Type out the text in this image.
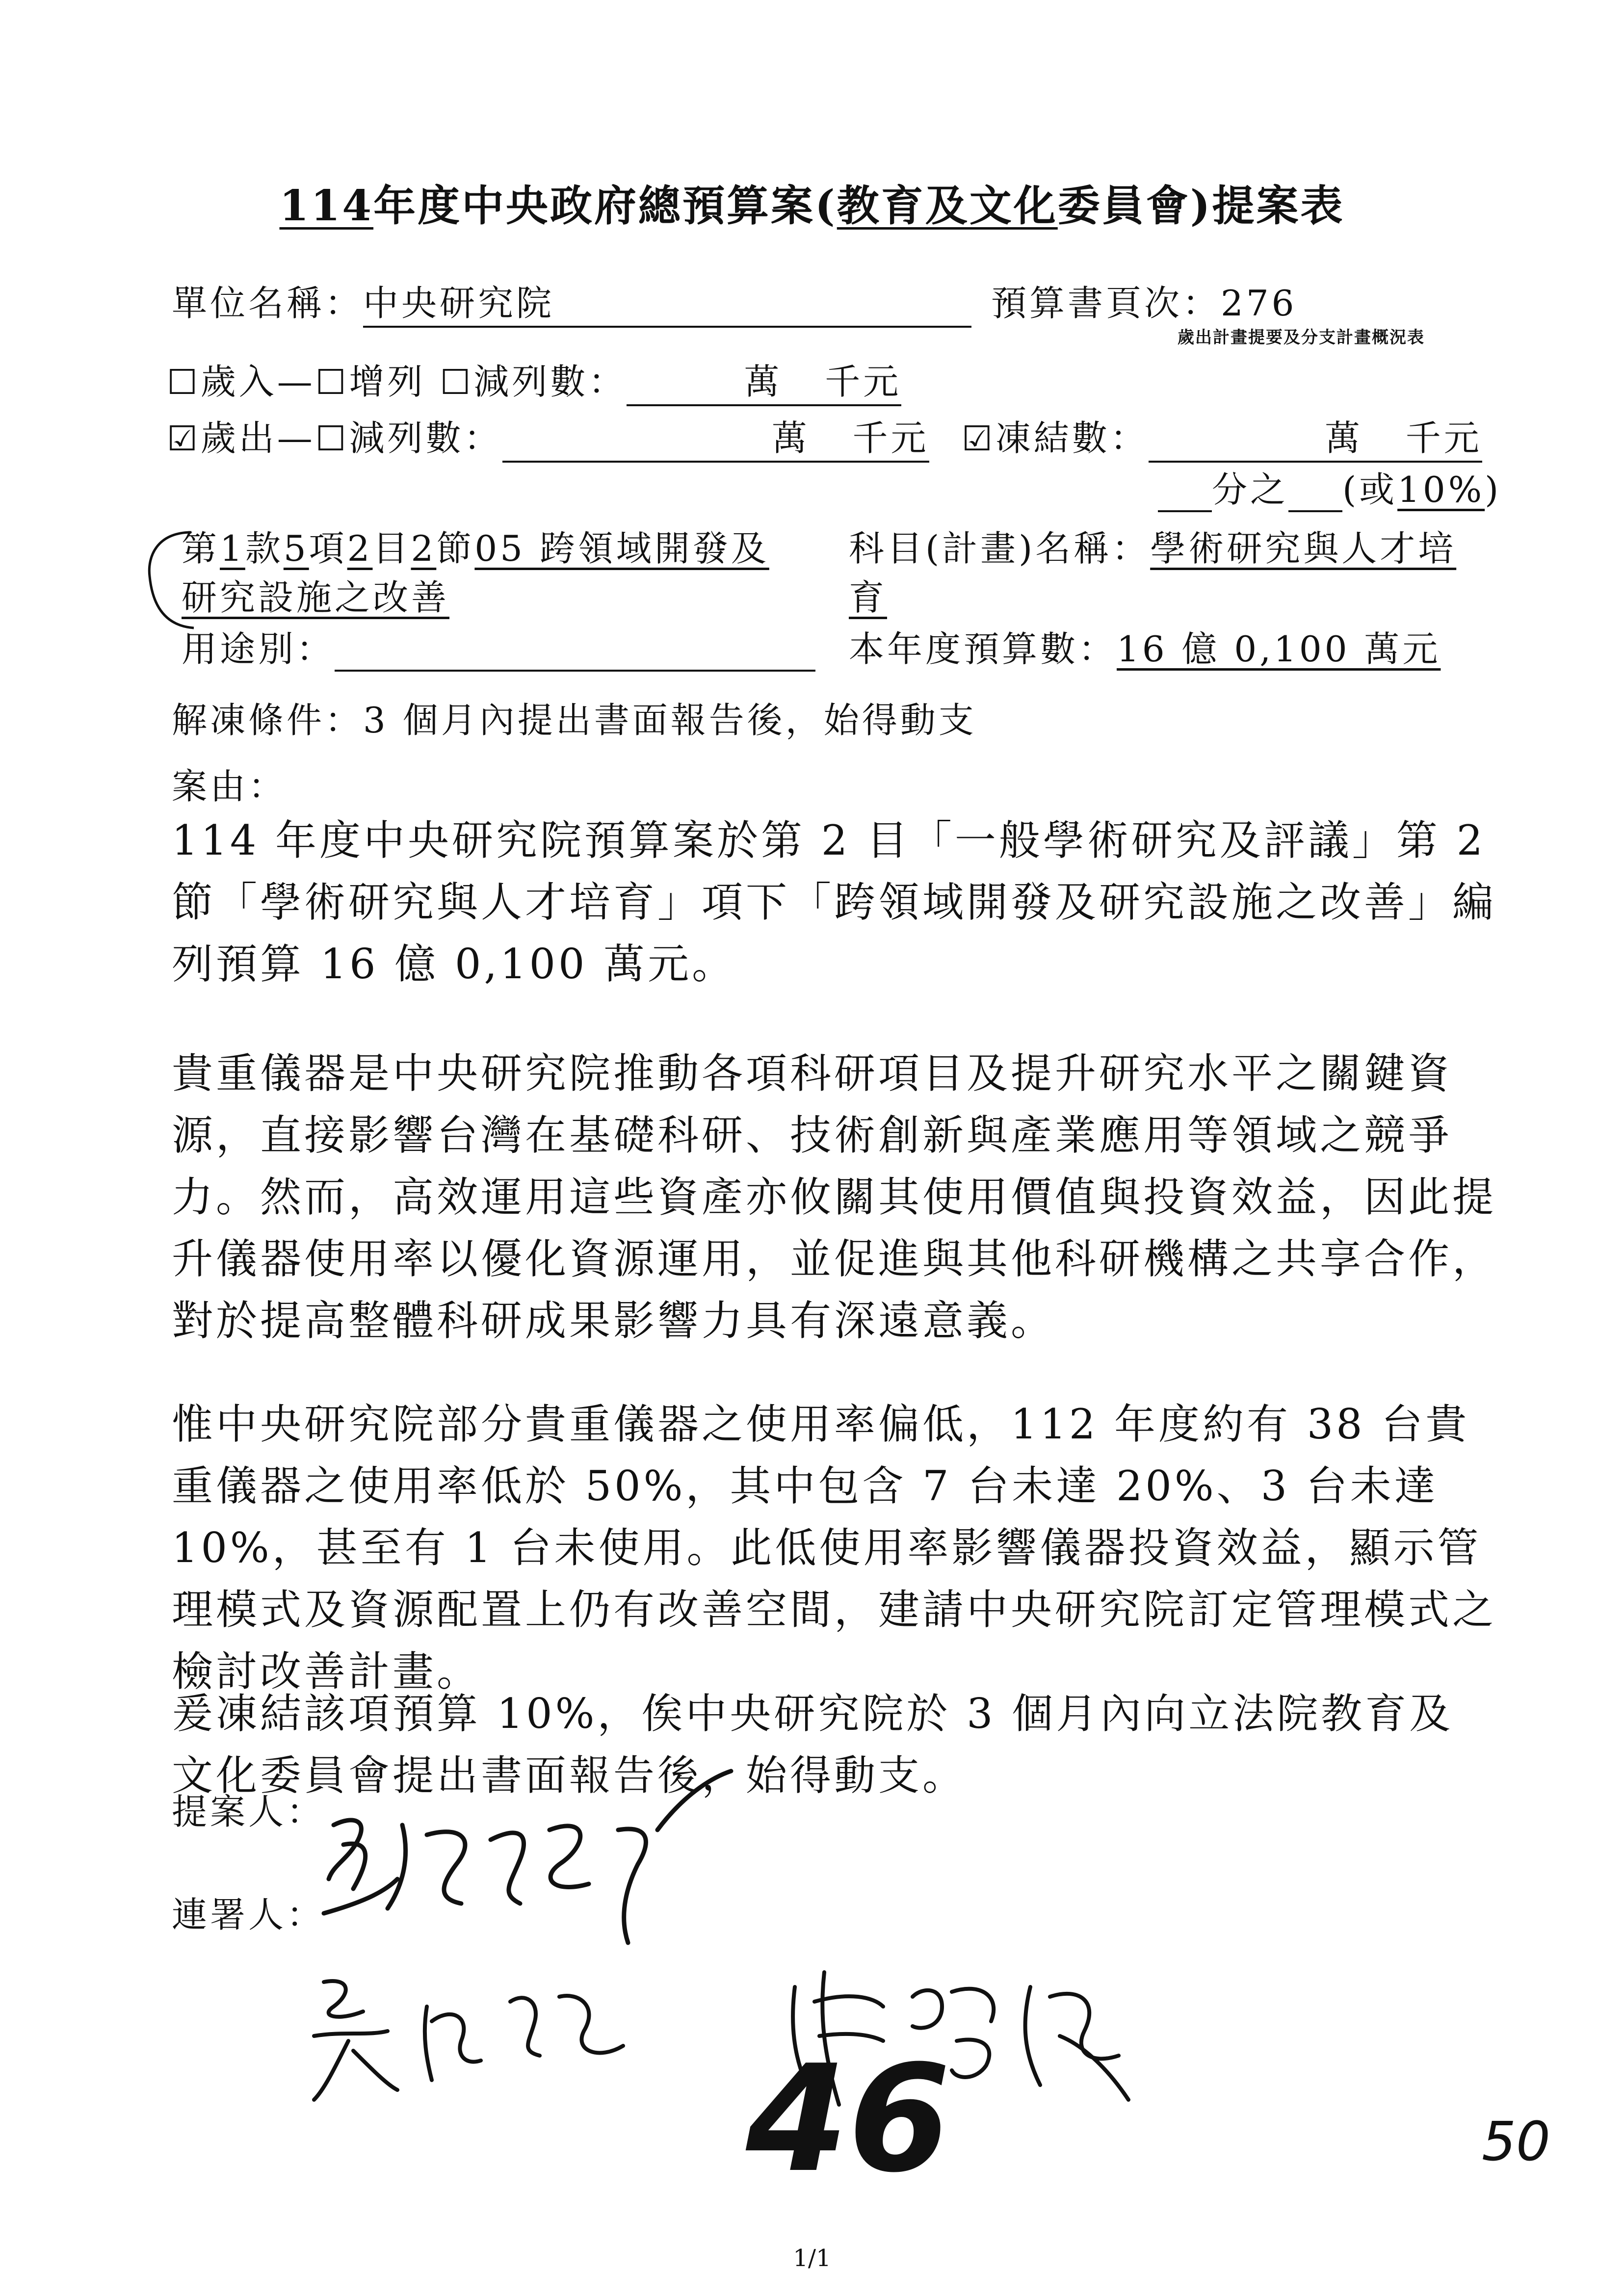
114年度中央政府總預算案(教育及文化委員會)提案表
單位名稱：中央研究院	預算書頁次：276
歲出計畫提要及分支計畫概況表
☐歲入—☐增列 ☐減列數：	萬 千元
☑歲出—☐減列數：	萬 千元 ☑凍結數：	萬 千元
分之 (或10%)
第1款5項2目2節05 跨領域開發及
研究設施之改善
科目(計畫)名稱：學術研究與人才培
育
用途別：	本年度預算數：16 億 0,100 萬元
解凍條件：3 個月內提出書面報告後，始得動支
案由：
114 年度中央研究院預算案於第 2 目「一般學術研究及評議」第 2 節「學術研究與人才培育」項下「跨領域開發及研究設施之改善」編列預算 16 億 0,100 萬元。
貴重儀器是中央研究院推動各項科研項目及提升研究水平之關鍵資源，直接影響台灣在基礎科研、技術創新與產業應用等領域之競爭力。然而，高效運用這些資產亦攸關其使用價值與投資效益，因此提升儀器使用率以優化資源運用，並促進與其他科研機構之共享合作，對於提高整體科研成果影響力具有深遠意義。
惟中央研究院部分貴重儀器之使用率偏低，112 年度約有 38 台貴重儀器之使用率低於 50%，其中包含 7 台未達 20%、3 台未達 10%，甚至有 1 台未使用。此低使用率影響儀器投資效益，顯示管理模式及資源配置上仍有改善空間，建請中央研究院訂定管理模式之檢討改善計畫。
爰凍結該項預算 10%，俟中央研究院於 3 個月內向立法院教育及文化委員會提出書面報告後，始得動支。
提案人：
連署人：
46	50
1/1
